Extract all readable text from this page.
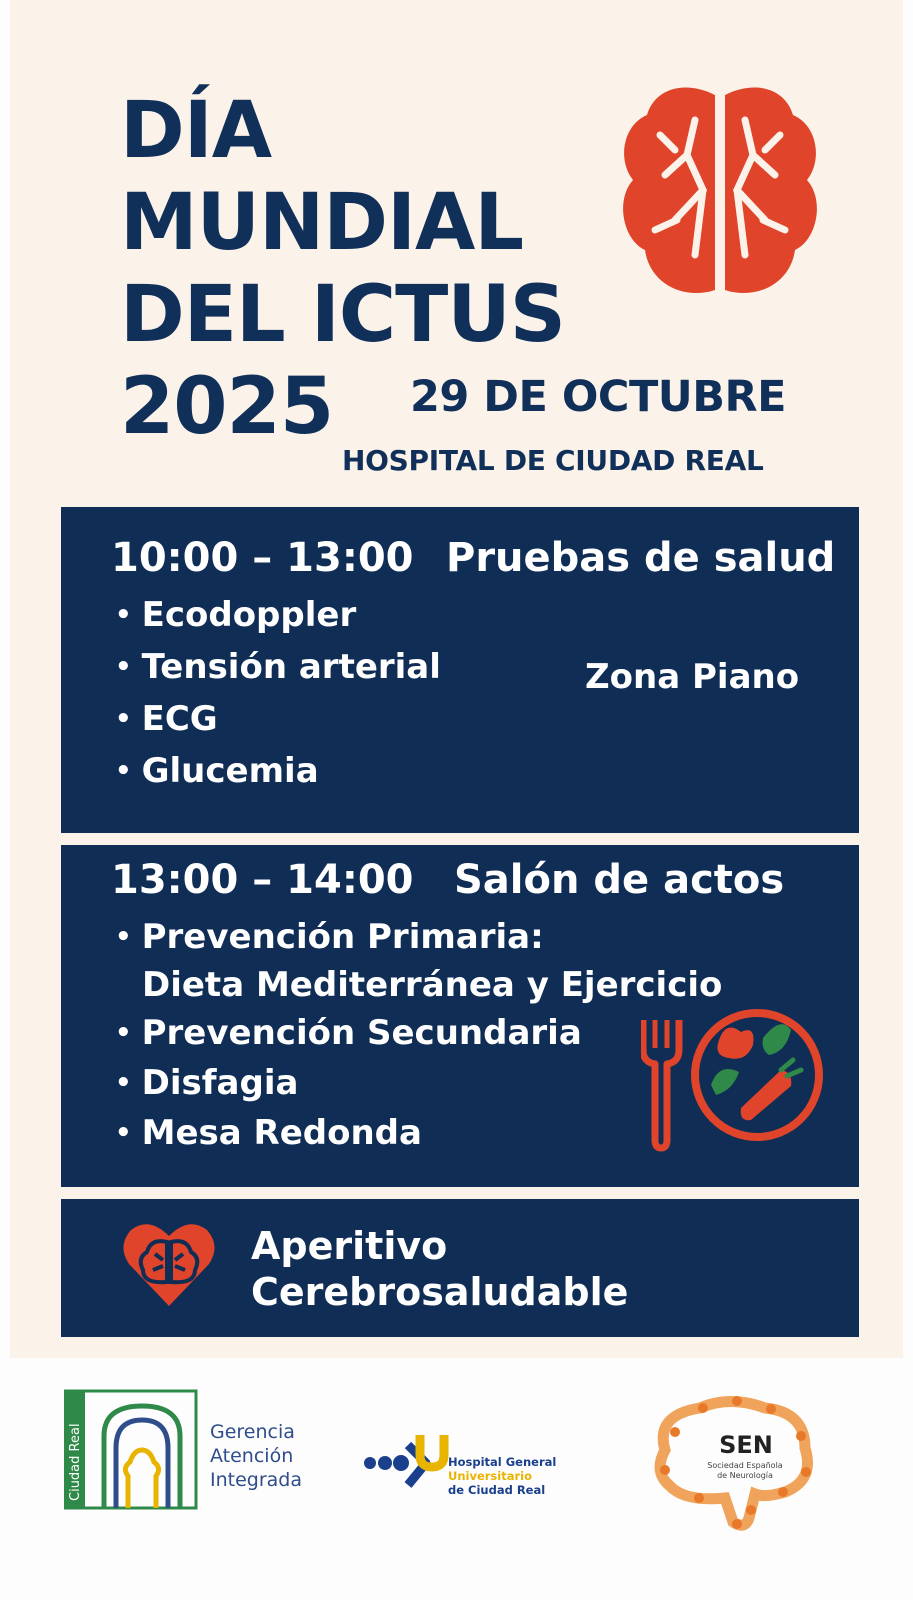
DÍA
MUNDIAL
DEL ICTUS
2025	29 DE OCTUBRE
HOSPITAL DE CIUDAD REAL
10:00 – 13:00 Pruebas de salud
• Ecodoppler
• Tensión arterial
• ECG
• Glucemia
Zona Piano
13:00 – 14:00 Salón de actos
• Prevención Primaria:
Dieta Mediterránea y Ejercicio
• Prevención Secundaria
• Disfagia
• Mesa Redonda
Aperitivo
Cerebrosaludable
Ciudad Real	Gerencia
Atención
Integrada
Hospital General
Universitario
de Ciudad Real
SEN
Sociedad Española
de Neurología
